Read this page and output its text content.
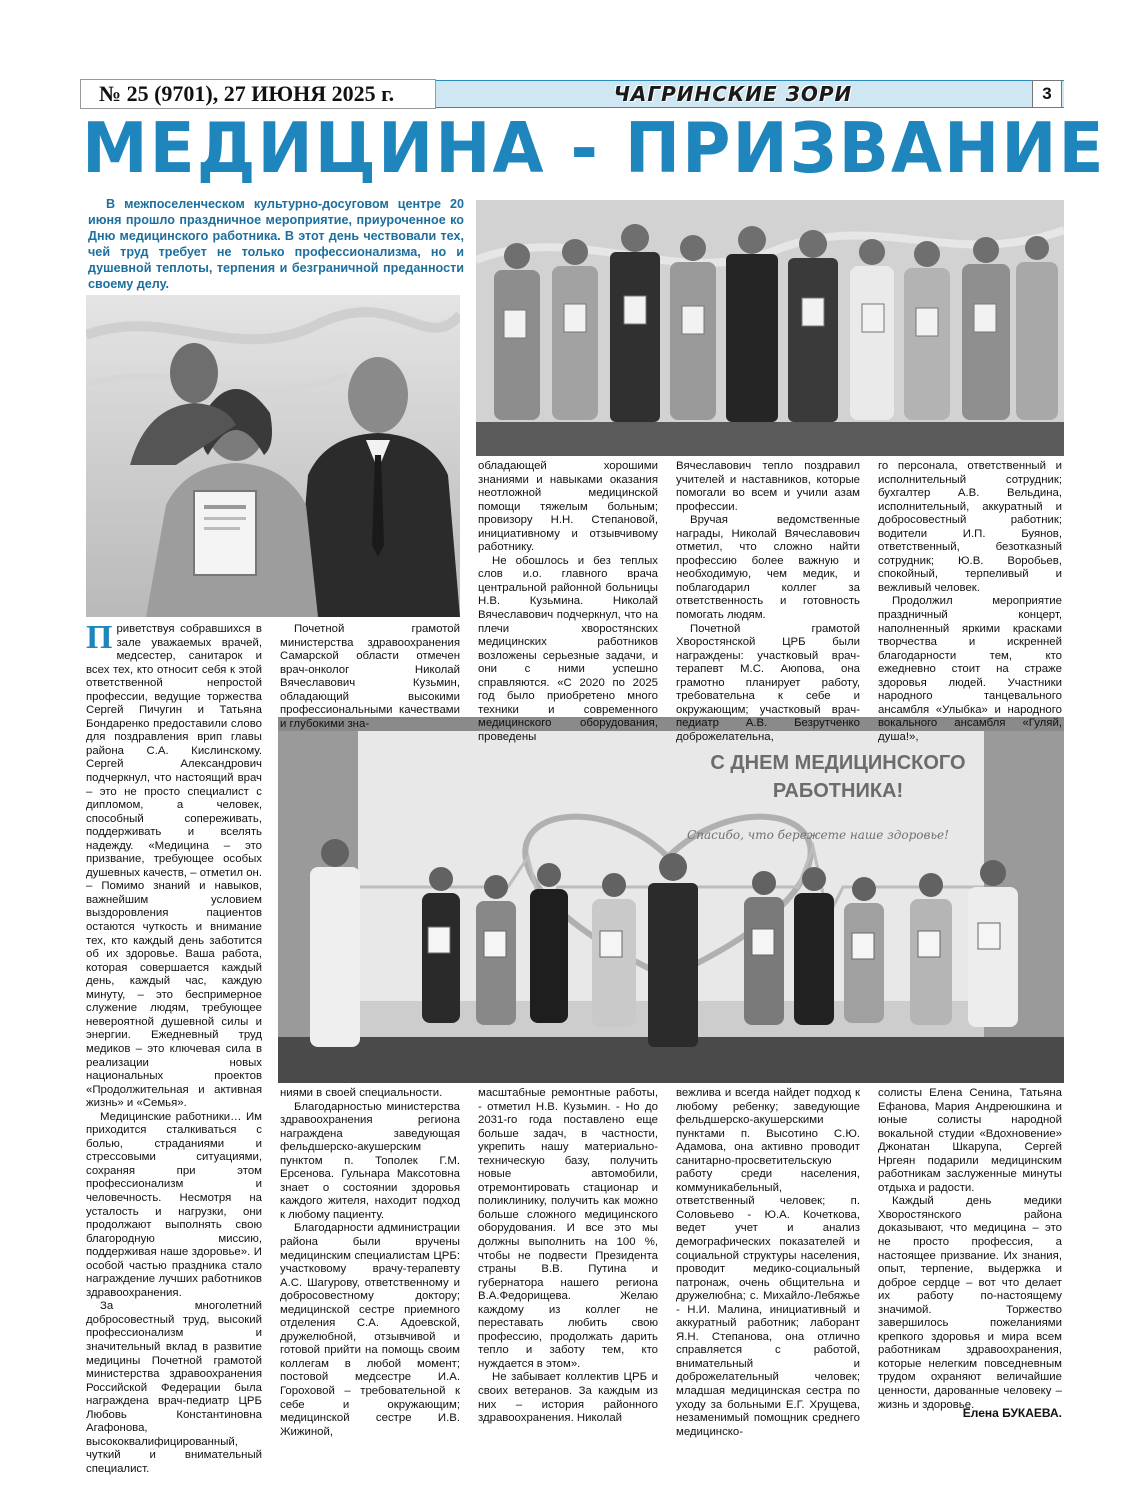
№ 25 (9701), 27 ИЮНЯ 2025 г.	ЧАГРИНСКИЕ ЗОРИ	3
МЕДИЦИНА - ПРИЗВАНИЕ
В межпоселенческом культурно-досуговом центре 20 июня прошло праздничное мероприятие, приуроченное ко Дню медицинского работника. В этот день чествовали тех, чей труд требует не только профессионализма, но и душевной теплоты, терпения и безграничной преданности своему делу.
С ДНЕМ МЕДИЦИНСКОГО
РАБОТНИКА!
Спасибо, что бережете наше здоровье!

Приветствуя собравшихся в зале уважаемых врачей, медсестер, санитарок и всех тех, кто относит себя к этой ответственной непростой профессии, ведущие торжества Сергей Пичугин и Татьяна Бондаренко предоставили слово для поздравления врип главы района С.А. Кислинскому. Сергей Александрович подчеркнул, что настоящий врач – это не просто специалист с дипломом, а человек, способный сопереживать, поддерживать и вселять надежду. «Медицина – это призвание, требующее особых душевных качеств, – отметил он. – Помимо знаний и навыков, важнейшим условием выздоровления пациентов остаются чуткость и внимание тех, кто каждый день заботится об их здоровье. Ваша работа, которая совершается каждый день, каждый час, каждую минуту, – это беспримерное служение людям, требующее невероятной душевной силы и энергии. Ежедневный труд медиков – это ключевая сила в реализации новых национальных проектов «Продолжительная и активная жизнь» и «Семья».

Медицинские работники… Им приходится сталкиваться с болью, страданиями и стрессовыми ситуациями, сохраняя при этом профессионализм и человечность. Несмотря на усталость и нагрузки, они продолжают выполнять свою благородную миссию, поддерживая наше здоровье». И особой частью праздника стало награждение лучших работников здравоохранения.

За многолетний добросовестный труд, высокий профессионализм и значительный вклад в развитие медицины Почетной грамотой министерства здравоохранения Российской Федерации была награждена врач-педиатр ЦРБ Любовь Константиновна Агафонова, высококвалифицированный, чуткий и внимательный специалист.

Почетной грамотой министерства здравоохранения Самарской области отмечен врач-онколог Николай Вячеславович Кузьмин, обладающий высокими профессиональными качествами и глубокими зна-

ниями в своей специальности.

Благодарностью министерства здравоохранения региона награждена заведующая фельдшерско-акушерским пунктом п. Тополек Г.М. Ерсенова. Гульнара Максотовна знает о состоянии здоровья каждого жителя, находит подход к любому пациенту.

Благодарности администрации района были вручены медицинским специалистам ЦРБ: участковому врачу-терапевту А.С. Шагурову, ответственному и добросовестному доктору; медицинской сестре приемного отделения С.А. Адоевской, дружелюбной, отзывчивой и готовой прийти на помощь своим коллегам в любой момент; постовой медсестре И.А. Гороховой – требовательной к себе и окружающим; медицинской сестре И.В. Жижиной,

обладающей хорошими знаниями и навыками оказания неотложной медицинской помощи тяжелым больным; провизору Н.Н. Степановой, инициативному и отзывчивому работнику.

Не обошлось и без теплых слов и.о. главного врача центральной районной больницы Н.В. Кузьмина. Николай Вячеславович подчеркнул, что на плечи хворостянских медицинских работников возложены серьезные задачи, и они с ними успешно справляются. «С 2020 по 2025 год было приобретено много техники и современного медицинского оборудования, проведены

масштабные ремонтные работы, - отметил Н.В. Кузьмин. - Но до 2031-го года поставлено еще больше задач, в частности, укрепить нашу материально-техническую базу, получить новые автомобили, отремонтировать стационар и поликлинику, получить как можно больше сложного медицинского оборудования. И все это мы должны выполнить на 100 %, чтобы не подвести Президента страны В.В. Путина и губернатора нашего региона В.А.Федорищева. Желаю каждому из коллег не переставать любить свою профессию, продолжать дарить тепло и заботу тем, кто нуждается в этом».

Не забывает коллектив ЦРБ и своих ветеранов. За каждым из них – история районного здравоохранения. Николай

Вячеславович тепло поздравил учителей и наставников, которые помогали во всем и учили азам профессии.

Вручая ведомственные награды, Николай Вячеславович отметил, что сложно найти профессию более важную и необходимую, чем медик, и поблагодарил коллег за ответственность и готовность помогать людям.

Почетной грамотой Хворостянской ЦРБ были награждены: участковый врач-терапевт М.С. Аюпова, она грамотно планирует работу, требовательна к себе и окружающим; участковый врач-педиатр А.В. Безрутченко доброжелательна,

вежлива и всегда найдет подход к любому ребенку; заведующие фельдшерско-акушерскими пунктами п. Высотино С.Ю. Адамова, она активно проводит санитарно-просветительскую работу среди населения, коммуникабельный, ответственный человек; п. Соловьево - Ю.А. Кочеткова, ведет учет и анализ демографических показателей и социальной структуры населения, проводит медико-социальный патронаж, очень общительна и дружелюбна; с. Михайло-Лебяжье - Н.И. Малина, инициативный и аккуратный работник; лаборант Я.Н. Степанова, она отлично справляется с работой, внимательный и доброжелательный человек; младшая медицинская сестра по уходу за больными Е.Г. Хрущева, незаменимый помощник среднего медицинско-

го персонала, ответственный и исполнительный сотрудник; бухгалтер А.В. Вельдина, исполнительный, аккуратный и добросовестный работник; водители И.П. Буянов, ответственный, безотказный сотрудник; Ю.В. Воробьев, спокойный, терпеливый и вежливый человек.

Продолжил мероприятие праздничный концерт, наполненный яркими красками творчества и искренней благодарности тем, кто ежедневно стоит на страже здоровья людей. Участники народного танцевального ансамбля «Улыбка» и народного вокального ансамбля «Гуляй, душа!»,

солисты Елена Сенина, Татьяна Ефанова, Мария Андреюшкина и юные солисты народной вокальной студии «Вдохновение» Джонатан Шкарупа, Сергей Нргеян подарили медицинским работникам заслуженные минуты отдыха и радости.

Каждый день медики Хворостянского района доказывают, что медицина – это не просто профессия, а настоящее призвание. Их знания, опыт, терпение, выдержка и доброе сердце – вот что делает их работу по-настоящему значимой. Торжество завершилось пожеланиями крепкого здоровья и мира всем работникам здравоохранения, которые нелегким повседневным трудом охраняют величайшие ценности, дарованные человеку – жизнь и здоровье.

Елена БУКАЕВА.
